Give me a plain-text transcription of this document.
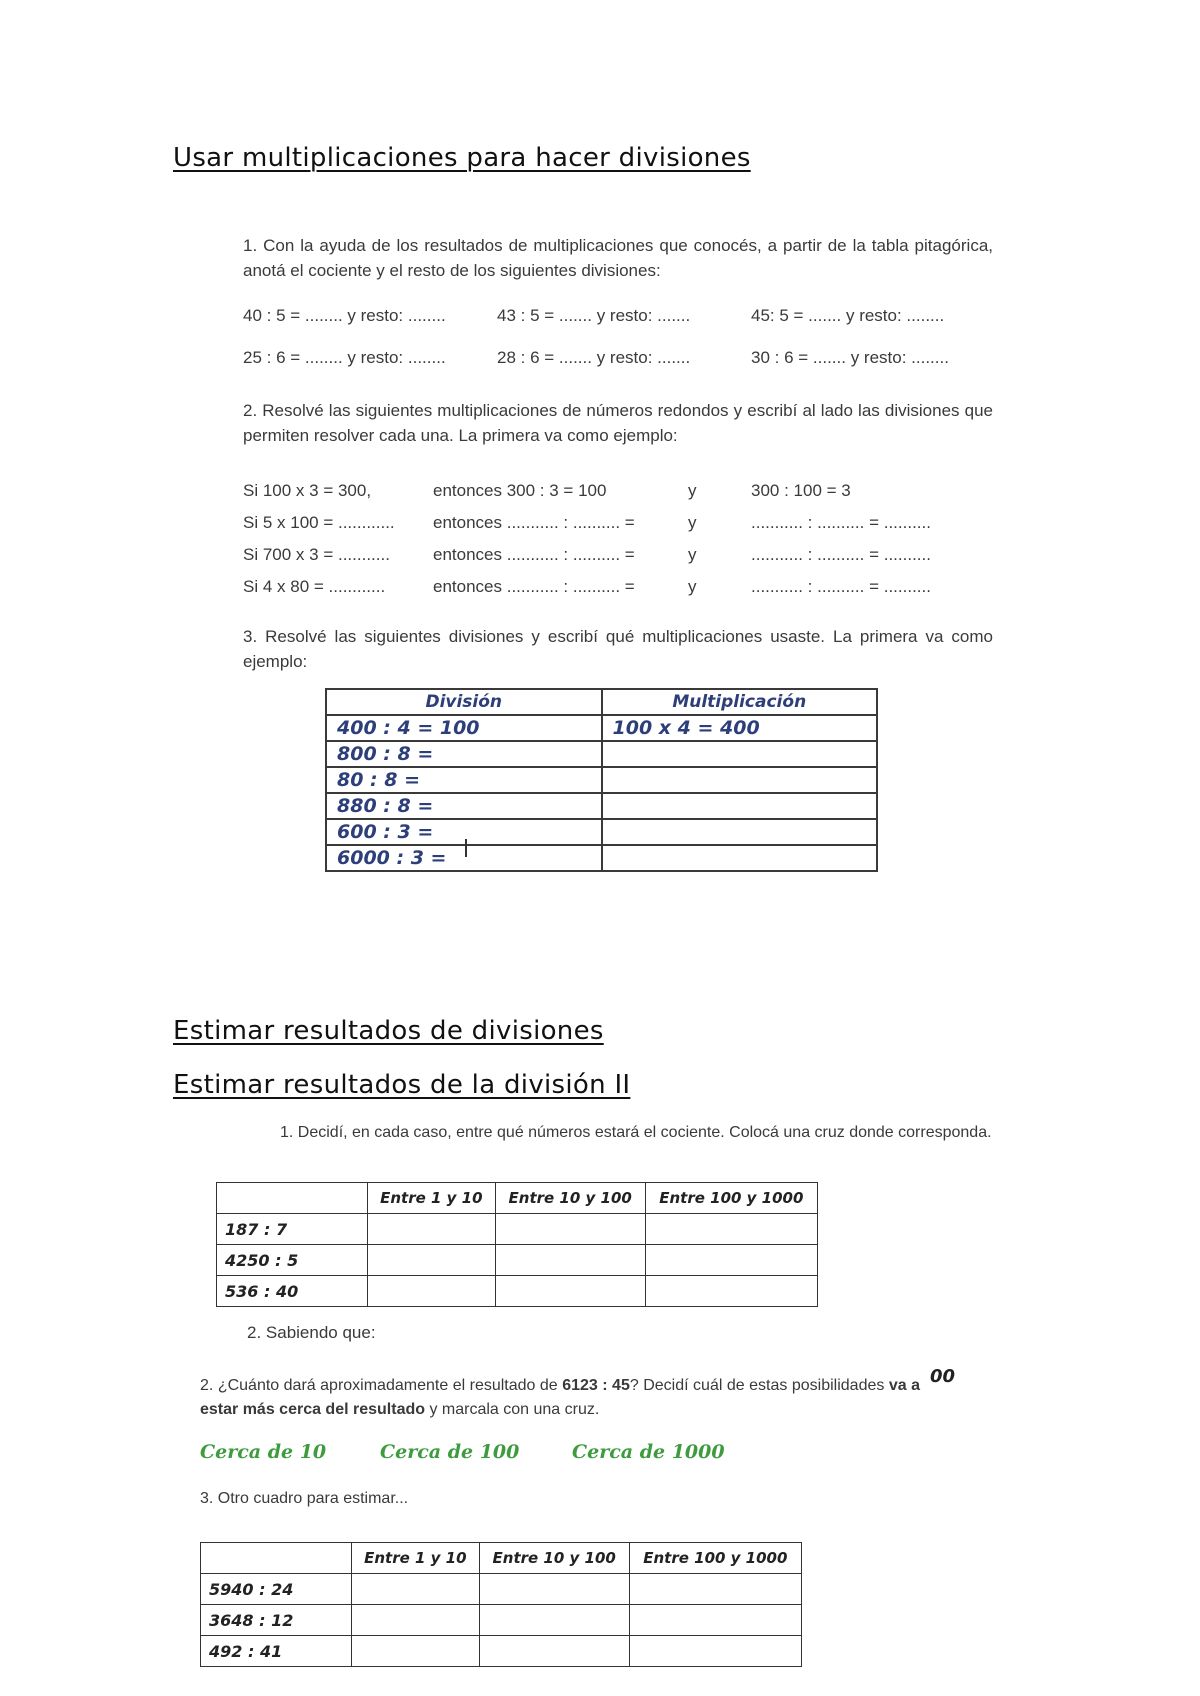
Usar multiplicaciones para hacer divisiones
1. Con la ayuda de los resultados de multiplicaciones que conocés, a partir de la tabla pitagórica, anotá el cociente y el resto de los siguientes divisiones:
40 : 5 = ........ y resto: ........	43 : 5 = ....... y resto: .......	45: 5 = ....... y resto: ........
25 : 6 = ........ y resto: ........	28 : 6 = ....... y resto: .......	30 : 6 = ....... y resto: ........
2. Resolvé las siguientes multiplicaciones de números redondos y escribí al lado las divisiones que permiten resolver cada una. La primera va como ejemplo:
Si 100 x 3 = 300,	entonces 300 : 3 = 100	y	300 : 100 = 3
Si 5 x 100 = ............ entonces ........... : .......... =	y	........... : .......... = ..........
Si 700 x 3 = ...........	entonces ........... : .......... =	y	........... : .......... = ..........
Si 4 x 80 = ............	entonces ........... : .......... =	y	........... : .......... = ..........
3. Resolvé las siguientes divisiones y escribí qué multiplicaciones usaste. La primera va como ejemplo:
División	Multiplicación
400 : 4 = 100	100 x 4 = 400
800 : 8 =	
80 : 8 =	
880 : 8 =	
600 : 3 =	
6000 : 3 =	
Estimar resultados de divisiones
Estimar resultados de la división II
1. Decidí, en cada caso, entre qué números estará el cociente. Colocá una cruz donde corresponda.
	Entre 1 y 10	Entre 10 y 100	Entre 100 y 1000
187 : 7			
4250 : 5			
536 : 40			
2. Sabiendo que:
2. ¿Cuánto dará aproximadamente el resultado de 6123 : 45? Decidí cuál de estas posibilidades va a estar más cerca del resultado y marcala con una cruz.
00
Cerca de 10	Cerca de 100	Cerca de 1000
3. Otro cuadro para estimar...
	Entre 1 y 10	Entre 10 y 100	Entre 100 y 1000
5940 : 24			
3648 : 12			
492 : 41			
